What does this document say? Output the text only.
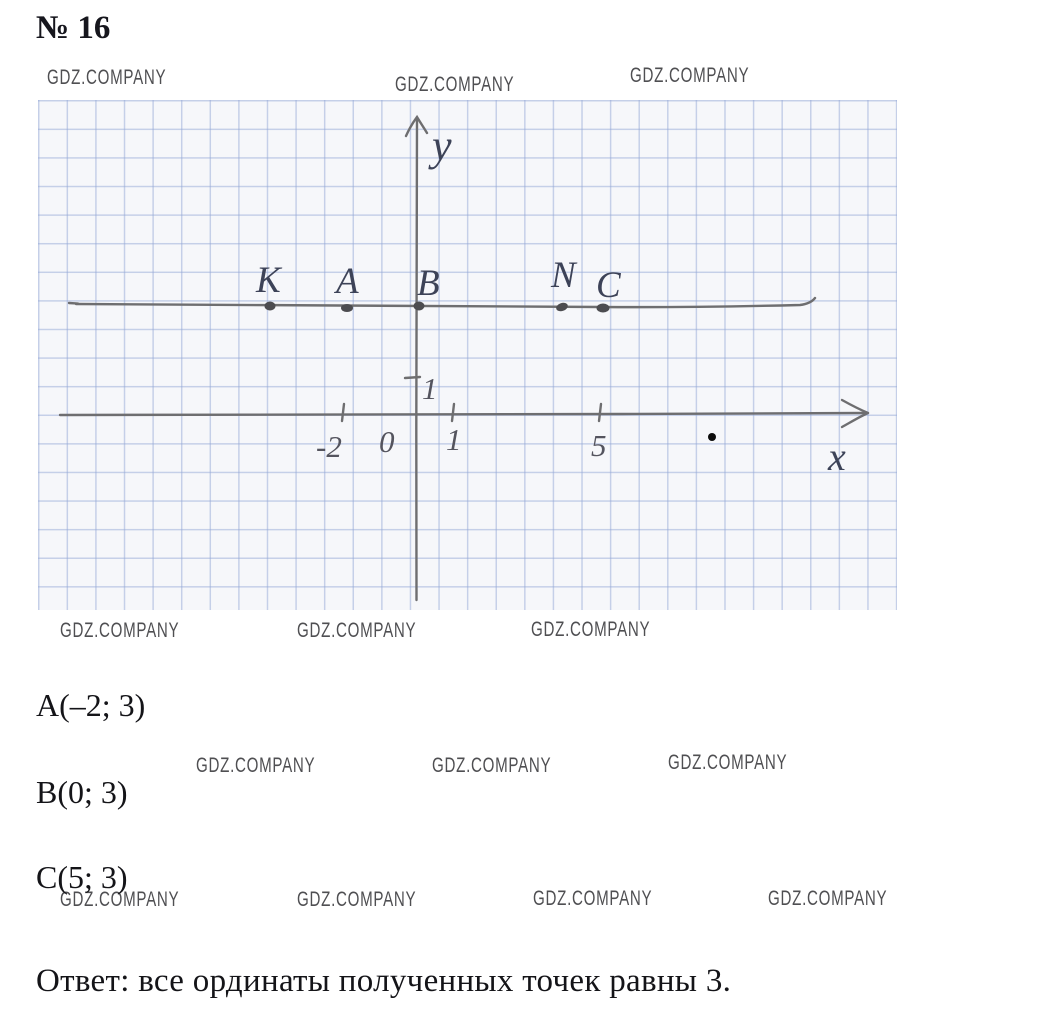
№ 16
GDZ.COMPANY	GDZ.COMPANY	GDZ.COMPANY
GDZ.COMPANY	GDZ.COMPANY	GDZ.COMPANY
GDZ.COMPANY	GDZ.COMPANY	GDZ.COMPANY
GDZ.COMPANY	GDZ.COMPANY	GDZ.COMPANY	GDZ.COMPANY
K A B	N C
y
x
-2 0 1	5
1

A(–2; 3)

B(0; 3)

C(5; 3)

Ответ: все ординаты полученных точек равны 3.
